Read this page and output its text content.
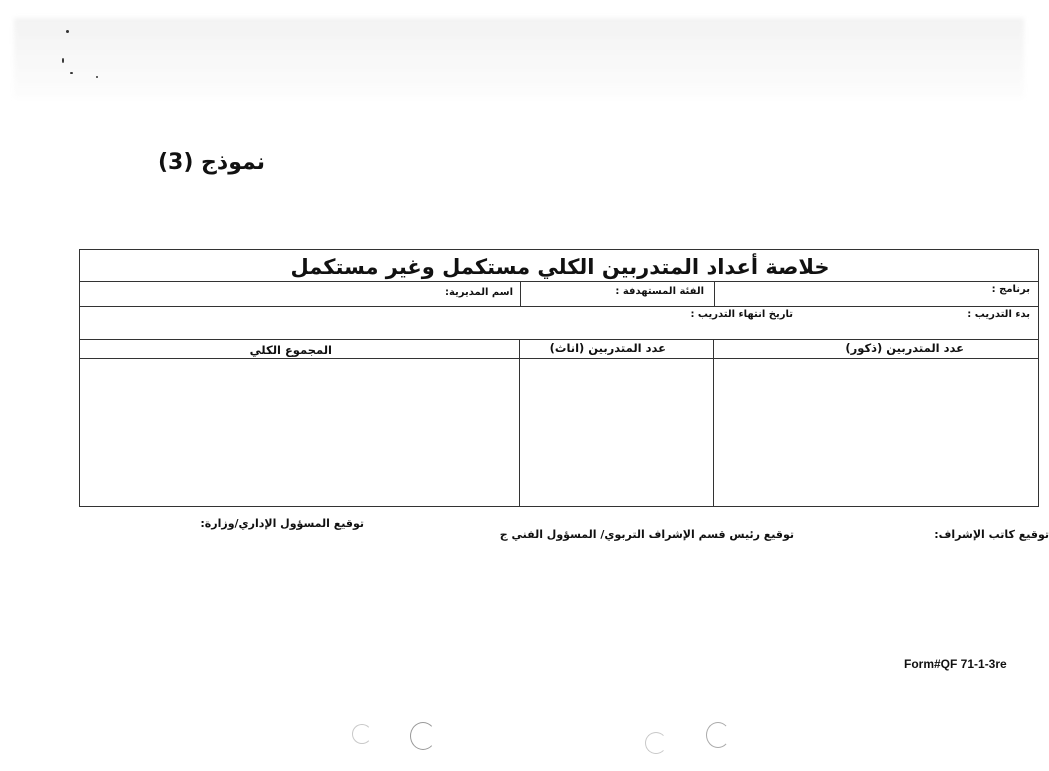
نموذج (3)
خلاصة أعداد المتدربين الكلي مستكمل وغير مستكمل
برنامج :
الفئة المستهدفة :
اسم المديرية:
بدء التدريب :
تاريخ انتهاء التدريب :
عدد المتدربين (ذكور)
عدد المتدربين (اناث)
المجموع الكلي
توقيع كاتب الإشراف:
توقيع رئيس قسم الإشراف التربوي/ المسؤول الفني ج
توقيع المسؤول الإداري/وزارة:
Form#QF 71-1-3re
